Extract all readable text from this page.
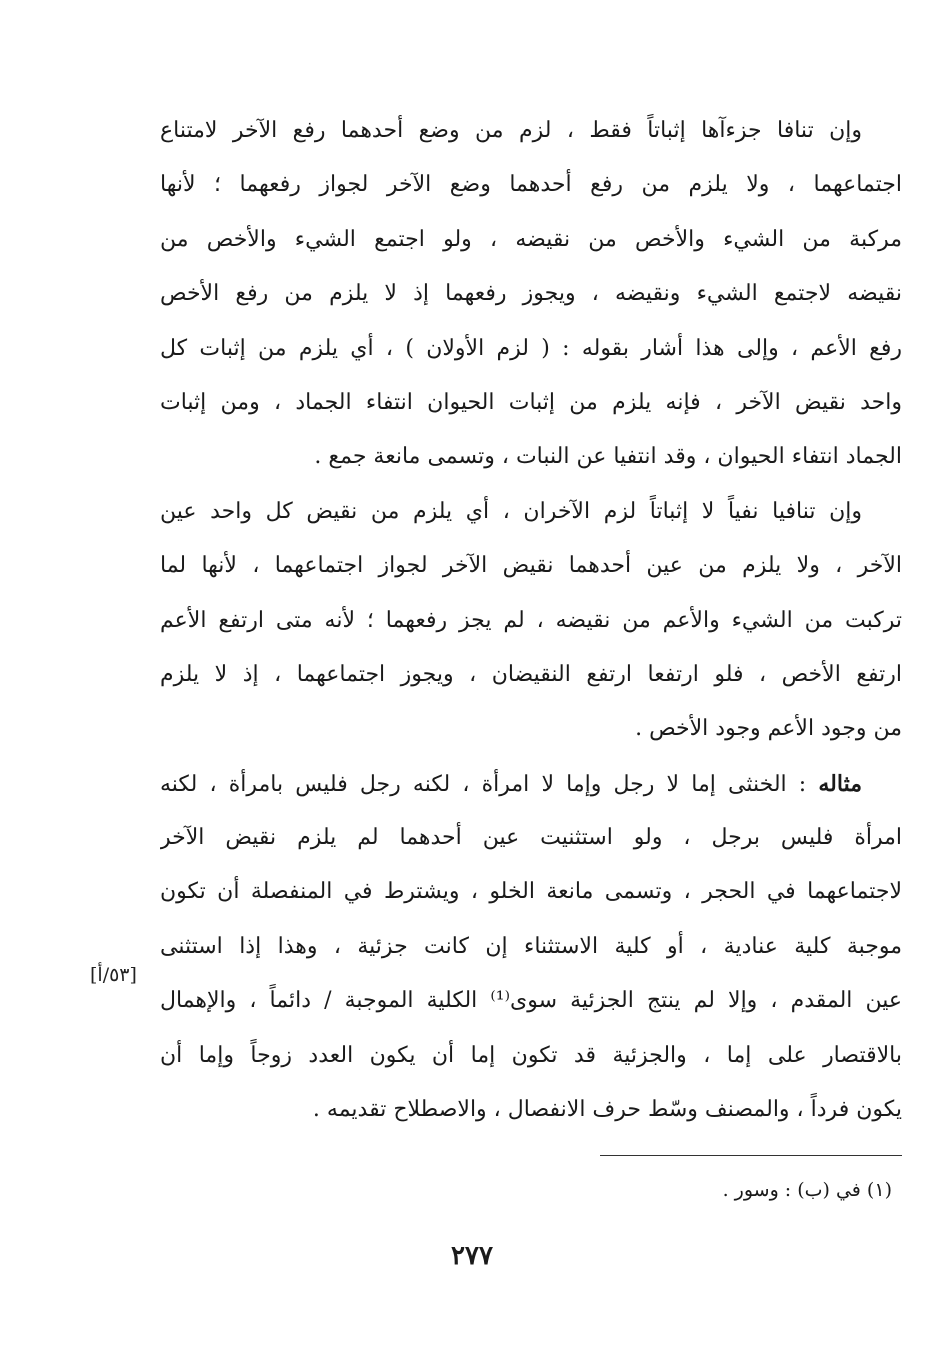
وإن تنافا جزءآها إثباتاً فقط ، لزم من وضع أحدهما رفع الآخر لامتناع
اجتماعهما ، ولا يلزم من رفع أحدهما وضع الآخر لجواز رفعهما ؛ لأنها
مركبة من الشيء والأخص من نقيضه ، ولو اجتمع الشيء والأخص من
نقيضه لاجتمع الشيء ونقيضه ، ويجوز رفعهما إذ لا يلزم من رفع الأخص
رفع الأعم ، وإلى هذا أشار بقوله : ( لزم الأولان ) ، أي يلزم من إثبات كل
واحد نقيض الآخر ، فإنه يلزم من إثبات الحيوان انتفاء الجماد ، ومن إثبات
الجماد انتفاء الحيوان ، وقد انتفيا عن النبات ، وتسمى مانعة جمع .
وإن تنافيا نفياً لا إثباتاً لزم الآخران ، أي يلزم من نقيض كل واحد عين
الآخر ، ولا يلزم من عين أحدهما نقيض الآخر لجواز اجتماعهما ، لأنها لما
تركبت من الشيء والأعم من نقيضه ، لم يجز رفعهما ؛ لأنه متى ارتفع الأعم
ارتفع الأخص ، فلو ارتفعا ارتفع النقيضان ، ويجوز اجتماعهما ، إذ لا يلزم
من وجود الأعم وجود الأخص .
مثاله : الخنثى إما لا رجل وإما لا امرأة ، لكنه رجل فليس بامرأة ، لكنه
امرأة فليس برجل ، ولو استثنيت عين أحدهما لم يلزم نقيض الآخر
لاجتماعهما في الحجر ، وتسمى مانعة الخلو ، ويشترط في المنفصلة أن تكون
موجبة كلية عنادية ، أو كلية الاستثناء إن كانت جزئية ، وهذا إذا استثنى
عين المقدم ، وإلا لم ينتج الجزئية سوى⁽¹⁾ الكلية الموجبة / دائماً ، والإهمال
بالاقتصار على إما ، والجزئية قد تكون إما أن يكون العدد زوجاً وإما أن
يكون فرداً ، والمصنف وسّط حرف الانفصال ، والاصطلاح تقديمه .
[٥٣/أ]
(١) في (ب) : وسور .
٢٧٧
